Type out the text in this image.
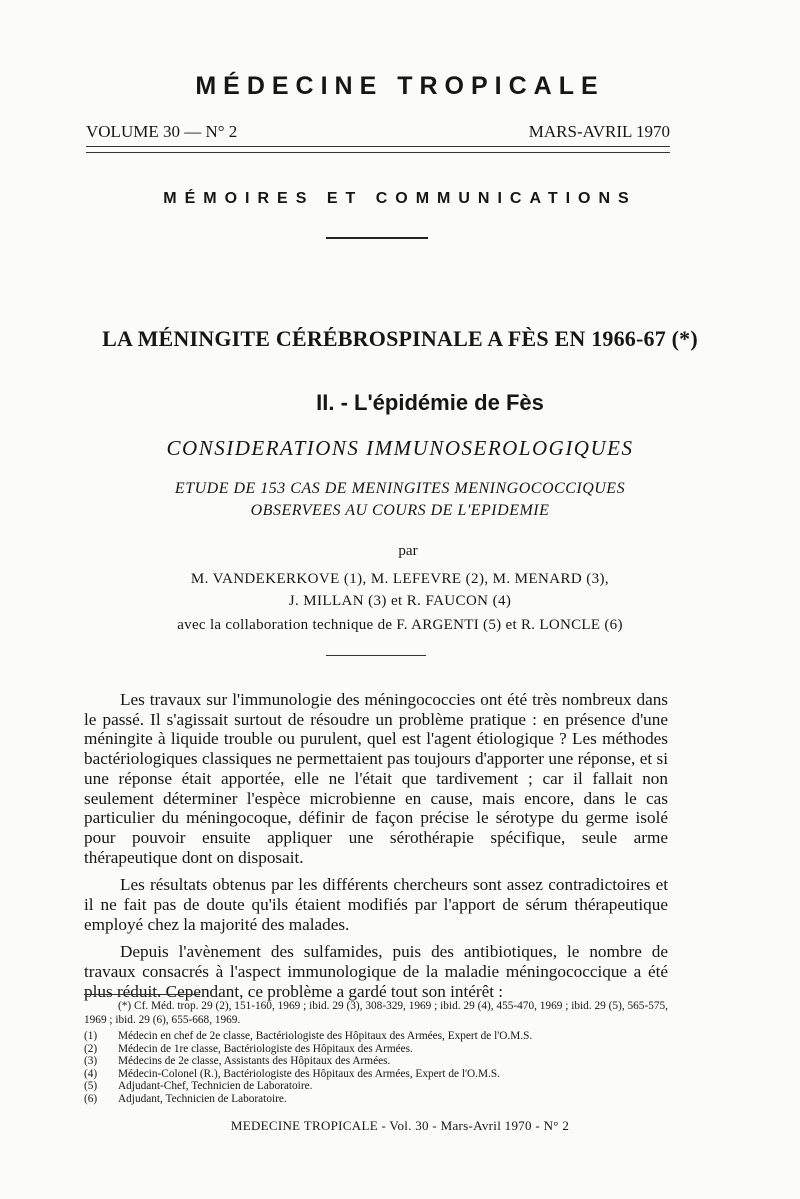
MÉDECINE TROPICALE
VOLUME 30 — N° 2	MARS-AVRIL 1970
MÉMOIRES ET COMMUNICATIONS
LA MÉNINGITE CÉRÉBROSPINALE A FÈS EN 1966-67 (*)
II. - L'épidémie de Fès
CONSIDERATIONS IMMUNOSEROLOGIQUES
ETUDE DE 153 CAS DE MENINGITES MENINGOCOCCIQUES
OBSERVEES AU COURS DE L'EPIDEMIE
par
M. VANDEKERKOVE (1), M. LEFEVRE (2), M. MENARD (3),
J. MILLAN (3) et R. FAUCON (4)
avec la collaboration technique de F. ARGENTI (5) et R. LONCLE (6)

Les travaux sur l'immunologie des méningococcies ont été très nombreux dans le passé. Il s'agissait surtout de résoudre un problème pratique : en présence d'une méningite à liquide trouble ou purulent, quel est l'agent étiologique ? Les méthodes bactériologiques classiques ne permettaient pas toujours d'apporter une réponse, et si une réponse était apportée, elle ne l'était que tardivement ; car il fallait non seulement déterminer l'espèce microbienne en cause, mais encore, dans le cas particulier du méningocoque, définir de façon précise le sérotype du germe isolé pour pouvoir ensuite appliquer une sérothérapie spécifique, seule arme thérapeutique dont on disposait.

Les résultats obtenus par les différents chercheurs sont assez contradictoires et il ne fait pas de doute qu'ils étaient modifiés par l'apport de sérum thérapeutique employé chez la majorité des malades.

Depuis l'avènement des sulfamides, puis des antibiotiques, le nombre de travaux consacrés à l'aspect immunologique de la maladie méningococcique a été plus réduit. Cependant, ce problème a gardé tout son intérêt :

(*) Cf. Méd. trop. 29 (2), 151-160, 1969 ; ibid. 29 (3), 308-329, 1969 ; ibid. 29 (4), 455-470, 1969 ; ibid. 29 (5), 565-575, 1969 ; ibid. 29 (6), 655-668, 1969.
(1) Médecin en chef de 2e classe, Bactériologiste des Hôpitaux des Armées, Expert de l'O.M.S.
(2) Médecin de 1re classe, Bactériologiste des Hôpitaux des Armées.
(3) Médecins de 2e classe, Assistants des Hôpitaux des Armées.
(4) Médecin-Colonel (R.), Bactériologiste des Hôpitaux des Armées, Expert de l'O.M.S.
(5) Adjudant-Chef, Technicien de Laboratoire.
(6) Adjudant, Technicien de Laboratoire.
MEDECINE TROPICALE - Vol. 30 - Mars-Avril 1970 - N° 2
